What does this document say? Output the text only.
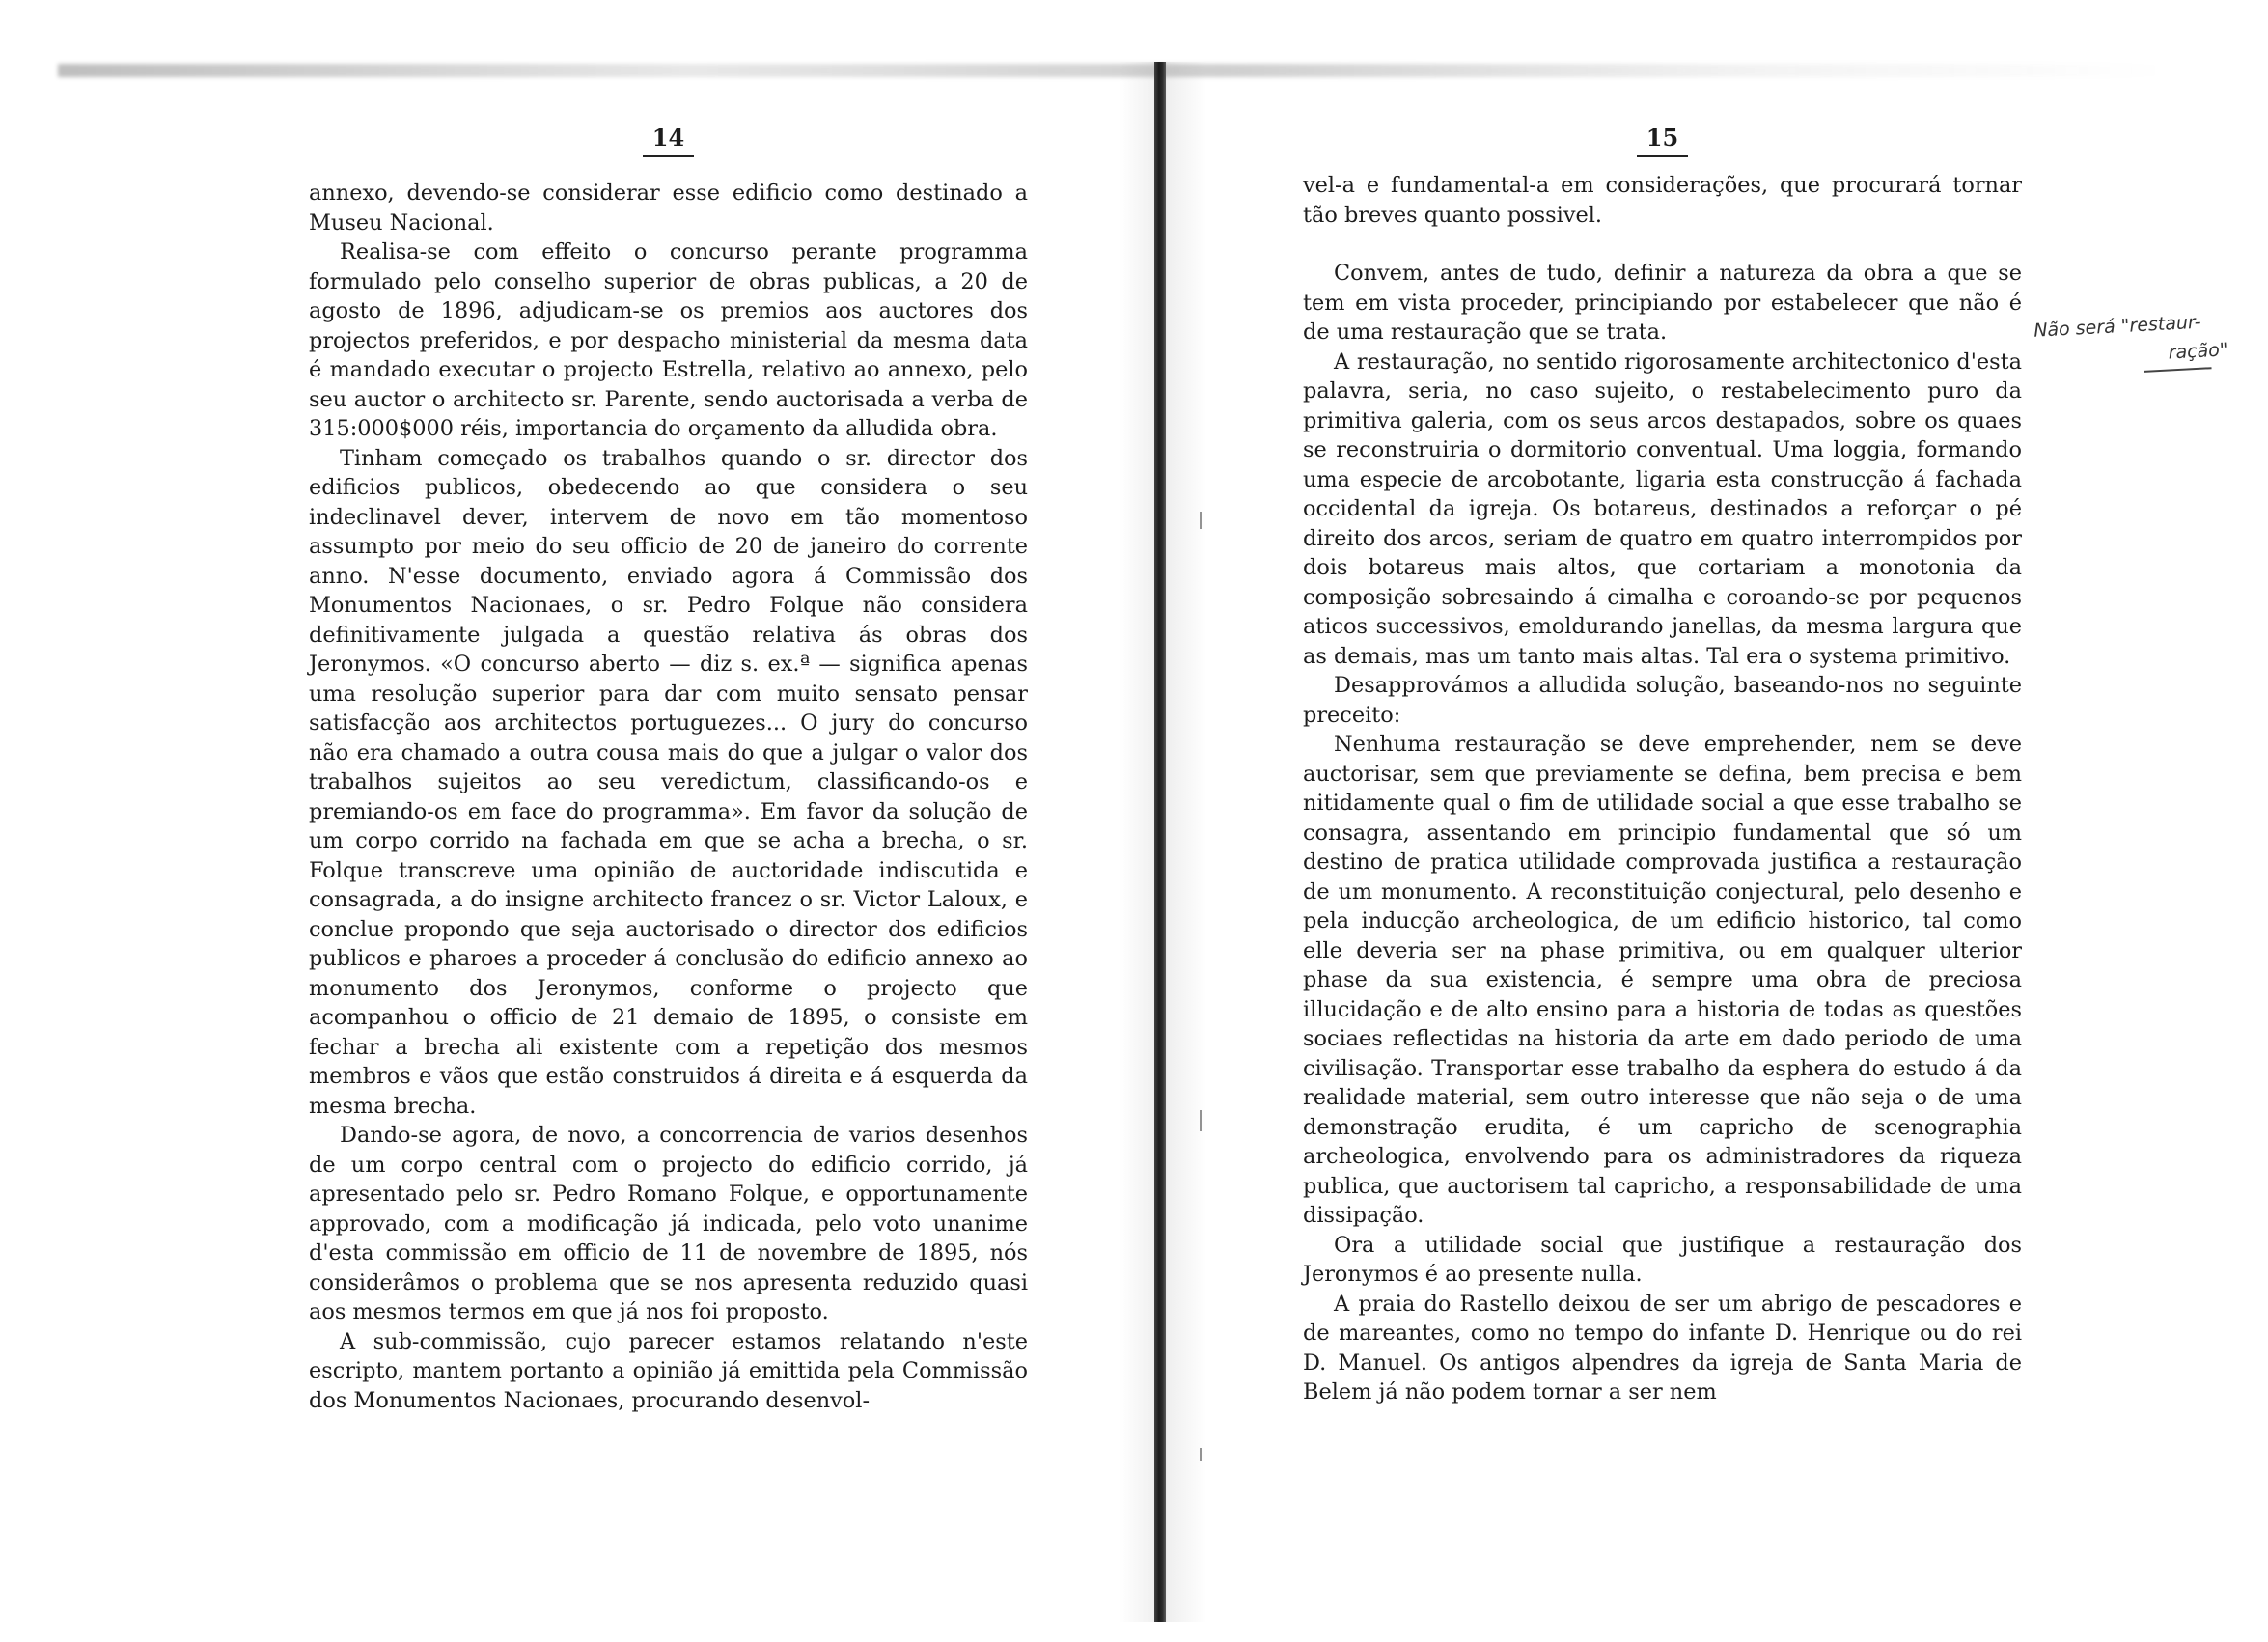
14

annexo, devendo-se considerar esse edificio como destinado a Museu Nacional.

Realisa-se com effeito o concurso perante programma formulado pelo conselho superior de obras publicas, a 20 de agosto de 1896, adjudicam-se os premios aos auctores dos projectos preferidos, e por despacho ministerial da mesma data é mandado executar o projecto Estrella, relativo ao annexo, pelo seu auctor o architecto sr. Parente, sendo auctorisada a verba de 315:000$000 réis, importancia do orçamento da alludida obra.

Tinham começado os trabalhos quando o sr. director dos edificios publicos, obedecendo ao que considera o seu indeclinavel dever, intervem de novo em tão momentoso assumpto por meio do seu officio de 20 de janeiro do corrente anno. N'esse documento, enviado agora á Commissão dos Monumentos Nacionaes, o sr. Pedro Folque não considera definitivamente julgada a questão relativa ás obras dos Jeronymos. «O concurso aberto — diz s. ex.ª — significa apenas uma resolução superior para dar com muito sensato pensar satisfacção aos architectos portuguezes... O jury do concurso não era chamado a outra cousa mais do que a julgar o valor dos trabalhos sujeitos ao seu veredictum, classificando-os e premiando-os em face do programma». Em favor da solução de um corpo corrido na fachada em que se acha a brecha, o sr. Folque transcreve uma opinião de auctoridade indiscutida e consagrada, a do insigne architecto francez o sr. Victor Laloux, e conclue propondo que seja auctorisado o director dos edificios publicos e pharoes a proceder á conclusão do edificio annexo ao monumento dos Jeronymos, conforme o projecto que acompanhou o officio de 21 demaio de 1895, o consiste em fechar a brecha ali existente com a repetição dos mesmos membros e vãos que estão construidos á direita e á esquerda da mesma brecha.

Dando-se agora, de novo, a concorrencia de varios desenhos de um corpo central com o projecto do edificio corrido, já apresentado pelo sr. Pedro Romano Folque, e opportunamente approvado, com a modificação já indicada, pelo voto unanime d'esta commissão em officio de 11 de novembre de 1895, nós considerâmos o problema que se nos apresenta reduzido quasi aos mesmos termos em que já nos foi proposto.

A sub-commissão, cujo parecer estamos relatando n'este escripto, mantem portanto a opinião já emittida pela Commissão dos Monumentos Nacionaes, procurando desenvol-

15

vel-a e fundamental-a em considerações, que procurará tornar tão breves quanto possivel.

Convem, antes de tudo, definir a natureza da obra a que se tem em vista proceder, principiando por estabelecer que não é de uma restauração que se trata.

A restauração, no sentido rigorosamente architectonico d'esta palavra, seria, no caso sujeito, o restabelecimento puro da primitiva galeria, com os seus arcos destapados, sobre os quaes se reconstruiria o dormitorio conventual. Uma loggia, formando uma especie de arcobotante, ligaria esta construcção á fachada occidental da igreja. Os botareus, destinados a reforçar o pé direito dos arcos, seriam de quatro em quatro interrompidos por dois botareus mais altos, que cortariam a monotonia da composição sobresaindo á cimalha e coroando-se por pequenos aticos successivos, emoldurando janellas, da mesma largura que as demais, mas um tanto mais altas. Tal era o systema primitivo.

Desapprovámos a alludida solução, baseando-nos no seguinte preceito:

Nenhuma restauração se deve emprehender, nem se deve auctorisar, sem que previamente se defina, bem precisa e bem nitidamente qual o fim de utilidade social a que esse trabalho se consagra, assentando em principio fundamental que só um destino de pratica utilidade comprovada justifica a restauração de um monumento. A reconstituição conjectural, pelo desenho e pela inducção archeologica, de um edificio historico, tal como elle deveria ser na phase primitiva, ou em qualquer ulterior phase da sua existencia, é sempre uma obra de preciosa illucidação e de alto ensino para a historia de todas as questões sociaes reflectidas na historia da arte em dado periodo de uma civilisação. Transportar esse trabalho da esphera do estudo á da realidade material, sem outro interesse que não seja o de uma demonstração erudita, é um capricho de scenographia archeologica, envolvendo para os administradores da riqueza publica, que auctorisem tal capricho, a responsabilidade de uma dissipação.

Ora a utilidade social que justifique a restauração dos Jeronymos é ao presente nulla.

A praia do Rastello deixou de ser um abrigo de pescadores e de mareantes, como no tempo do infante D. Henrique ou do rei D. Manuel. Os antigos alpendres da igreja de Santa Maria de Belem já não podem tornar a ser nem

Não será "restaur-
ração"
